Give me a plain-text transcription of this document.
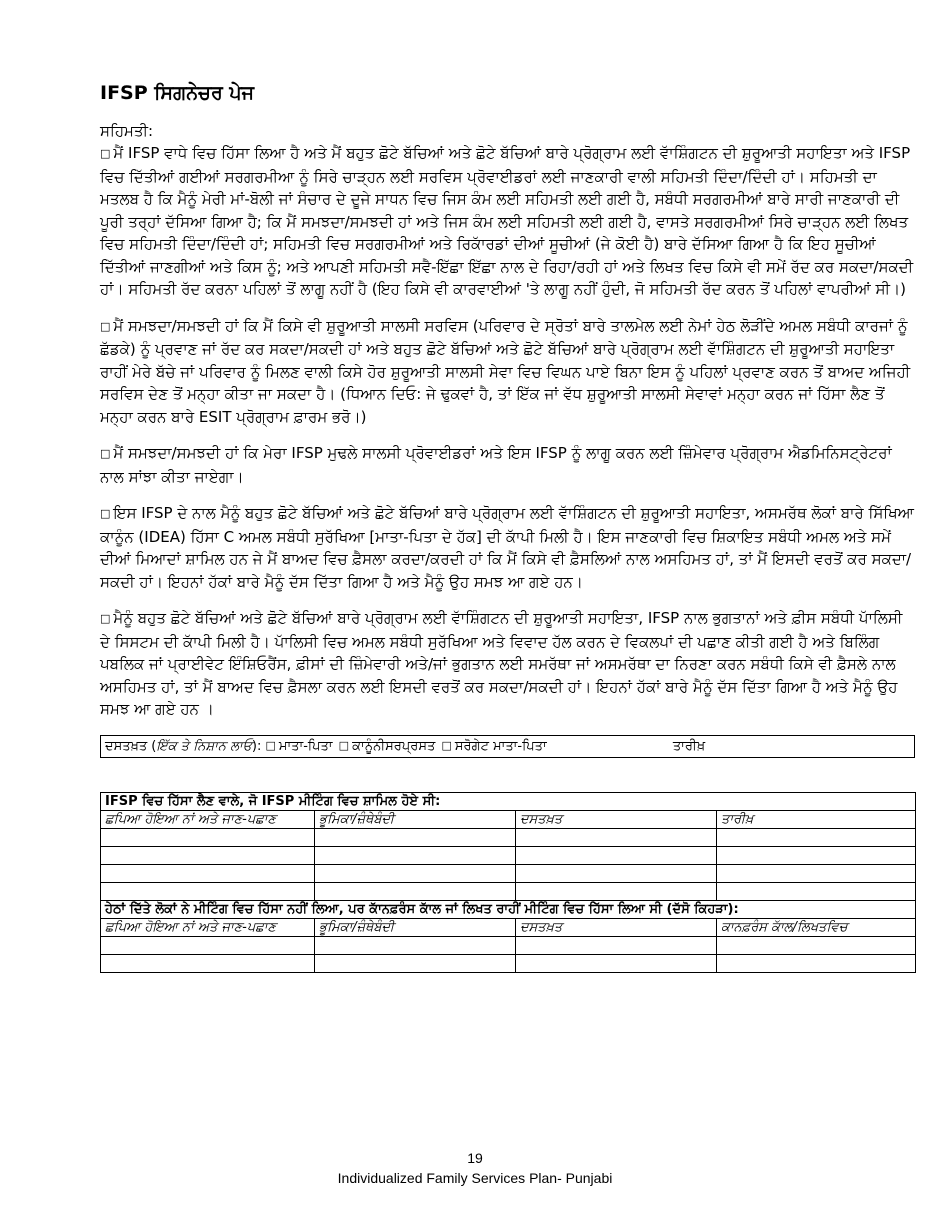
IFSP ਸਿਗਨੇਚਰ ਪੇਜ
ਸਹਿਮਤੀ:

□ ਮੈਂ IFSP ਵਾਧੇ ਵਿਚ ਹਿੱਸਾ ਲਿਆ ਹੈ ਅਤੇ ਮੈਂ ਬਹੁਤ ਛੋਟੇ ਬੱਚਿਆਂ ਅਤੇ ਛੋਟੇ ਬੱਚਿਆਂ ਬਾਰੇ ਪ੍ਰੋਗ੍ਰਾਮ ਲਈ ਵਾੱਸ਼ਿੰਗਟਨ ਦੀ ਸ਼ੁਰੂਆਤੀ ਸਹਾਇਤਾ ਅਤੇ IFSP ਵਿਚ ਦਿੱਤੀਆਂ ਗਈਆਂ ਸਰਗਰਮੀਆ ਨੂੰ ਸਿਰੇ ਚਾੜ੍ਹਨ ਲਈ ਸਰਵਿਸ ਪ੍ਰੋਵਾਈਡਰਾਂ ਲਈ ਜਾਣਕਾਰੀ ਵਾਲੀ ਸਹਿਮਤੀ ਦਿੰਦਾ/ਦਿੰਦੀ ਹਾਂ। ਸਹਿਮਤੀ ਦਾ ਮਤਲਬ ਹੈ ਕਿ ਮੈਨੂੰ ਮੇਰੀ ਮਾਂ-ਬੋਲੀ ਜਾਂ ਸੰਚਾਰ ਦੇ ਦੂਜੇ ਸਾਧਨ ਵਿਚ ਜਿਸ ਕੰਮ ਲਈ ਸਹਿਮਤੀ ਲਈ ਗਈ ਹੈ, ਸਬੰਧੀ ਸਰਗਰਮੀਆਂ ਬਾਰੇ ਸਾਰੀ ਜਾਣਕਾਰੀ ਦੀ ਪੂਰੀ ਤਰ੍ਹਾਂ ਦੱਸਿਆ ਗਿਆ ਹੈ; ਕਿ ਮੈਂ ਸਮਝਦਾ/ਸਮਝਦੀ ਹਾਂ ਅਤੇ ਜਿਸ ਕੰਮ ਲਈ ਸਹਿਮਤੀ ਲਈ ਗਈ ਹੈ, ਵਾਸਤੇ ਸਰਗਰਮੀਆਂ ਸਿਰੇ ਚਾੜ੍ਹਨ ਲਈ ਲਿਖਤ ਵਿਚ ਸਹਿਮਤੀ ਦਿੰਦਾ/ਦਿੰਦੀ ਹਾਂ; ਸਹਿਮਤੀ ਵਿਚ ਸਰਗਰਮੀਆਂ ਅਤੇ ਰਿਕਾੱਰਡਾਂ ਦੀਆਂ ਸੂਚੀਆਂ (ਜੇ ਕੋਈ ਹੈ) ਬਾਰੇ ਦੱਸਿਆ ਗਿਆ ਹੈ ਕਿ ਇਹ ਸੂਚੀਆਂ ਦਿੱਤੀਆਂ ਜਾਣਗੀਆਂ ਅਤੇ ਕਿਸ ਨੂੰ; ਅਤੇ ਆਪਣੀ ਸਹਿਮਤੀ ਸਵੈ-ਇੱਛਾ ਇੱਛਾ ਨਾਲ ਦੇ ਰਿਹਾ/ਰਹੀ ਹਾਂ ਅਤੇ ਲਿਖਤ ਵਿਚ ਕਿਸੇ ਵੀ ਸਮੇਂ ਰੱਦ ਕਰ ਸਕਦਾ/ਸਕਦੀ ਹਾਂ। ਸਹਿਮਤੀ ਰੱਦ ਕਰਨਾ ਪਹਿਲਾਂ ਤੋਂ ਲਾਗੂ ਨਹੀਂ ਹੈ (ਇਹ ਕਿਸੇ ਵੀ ਕਾਰਵਾਈਆਂ 'ਤੇ ਲਾਗੂ ਨਹੀਂ ਹੁੰਦੀ, ਜੋ ਸਹਿਮਤੀ ਰੱਦ ਕਰਨ ਤੋਂ ਪਹਿਲਾਂ ਵਾਪਰੀਆਂ ਸੀ।)

□ ਮੈਂ ਸਮਝਦਾ/ਸਮਝਦੀ ਹਾਂ ਕਿ ਮੈਂ ਕਿਸੇ ਵੀ ਸ਼ੁਰੂਆਤੀ ਸਾਲਸੀ ਸਰਵਿਸ (ਪਰਿਵਾਰ ਦੇ ਸ੍ਰੋਤਾਂ ਬਾਰੇ ਤਾਲਮੇਲ ਲਈ ਨੇਮਾਂ ਹੇਠ ਲੋੜੀਂਦੇ ਅਮਲ ਸਬੰਧੀ ਕਾਰਜਾਂ ਨੂੰ ਛੱਡਕੇ) ਨੂੰ ਪ੍ਰਵਾਣ ਜਾਂ ਰੱਦ ਕਰ ਸਕਦਾ/ਸਕਦੀ ਹਾਂ ਅਤੇ ਬਹੁਤ ਛੋਟੇ ਬੱਚਿਆਂ ਅਤੇ ਛੋਟੇ ਬੱਚਿਆਂ ਬਾਰੇ ਪ੍ਰੋਗ੍ਰਾਮ ਲਈ ਵਾੱਸ਼ਿੰਗਟਨ ਦੀ ਸ਼ੁਰੂਆਤੀ ਸਹਾਇਤਾ ਰਾਹੀਂ ਮੇਰੇ ਬੱਚੇ ਜਾਂ ਪਰਿਵਾਰ ਨੂੰ ਮਿਲਣ ਵਾਲੀ ਕਿਸੇ ਹੋਰ ਸ਼ੁਰੂਆਤੀ ਸਾਲਸੀ ਸੇਵਾ ਵਿਚ ਵਿਘਨ ਪਾਏ ਬਿਨਾ ਇਸ ਨੂੰ ਪਹਿਲਾਂ ਪ੍ਰਵਾਣ ਕਰਨ ਤੋਂ ਬਾਅਦ ਅਜਿਹੀ ਸਰਵਿਸ ਦੇਣ ਤੋਂ ਮਨ੍ਹਾ ਕੀਤਾ ਜਾ ਸਕਦਾ ਹੈ। (ਧਿਆਨ ਦਿਓ: ਜੇ ਢੁਕਵਾਂ ਹੈ, ਤਾਂ ਇੱਕ ਜਾਂ ਵੱਧ ਸ਼ੁਰੂਆਤੀ ਸਾਲਸੀ ਸੇਵਾਵਾਂ ਮਨ੍ਹਾ ਕਰਨ ਜਾਂ ਹਿੱਸਾ ਲੈਣ ਤੋਂ ਮਨ੍ਹਾ ਕਰਨ ਬਾਰੇ ESIT ਪ੍ਰੋਗ੍ਰਾਮ ਫ਼ਾਰਮ ਭਰੋ।)

□ ਮੈਂ ਸਮਝਦਾ/ਸਮਝਦੀ ਹਾਂ ਕਿ ਮੇਰਾ IFSP ਮੁਢਲੇ ਸਾਲਸੀ ਪ੍ਰੋਵਾਈਡਰਾਂ ਅਤੇ ਇਸ IFSP ਨੂੰ ਲਾਗੂ ਕਰਨ ਲਈ ਜ਼ਿੰਮੇਵਾਰ ਪ੍ਰੋਗ੍ਰਾਮ ਐਡਮਿਨਿਸਟ੍ਰੇਟਰਾਂ ਨਾਲ ਸਾਂਝਾ ਕੀਤਾ ਜਾਏਗਾ।

□ ਇਸ IFSP ਦੇ ਨਾਲ ਮੈਨੂੰ ਬਹੁਤ ਛੋਟੇ ਬੱਚਿਆਂ ਅਤੇ ਛੋਟੇ ਬੱਚਿਆਂ ਬਾਰੇ ਪ੍ਰੋਗ੍ਰਾਮ ਲਈ ਵਾੱਸ਼ਿੰਗਟਨ ਦੀ ਸ਼ੁਰੂਆਤੀ ਸਹਾਇਤਾ, ਅਸਮਰੱਥ ਲੋਕਾਂ ਬਾਰੇ ਸਿੱਖਿਆ ਕਾਨੂੰਨ (IDEA) ਹਿੱਸਾ C ਅਮਲ ਸਬੰਧੀ ਸੁਰੱਖਿਆ [ਮਾਤਾ-ਪਿਤਾ ਦੇ ਹੱਕ] ਦੀ ਕਾੱਪੀ ਮਿਲੀ ਹੈ। ਇਸ ਜਾਣਕਾਰੀ ਵਿਚ ਸ਼ਿਕਾਇਤ ਸਬੰਧੀ ਅਮਲ ਅਤੇ ਸਮੇਂ ਦੀਆਂ ਮਿਆਦਾਂ ਸ਼ਾਮਿਲ ਹਨ ਜੇ ਮੈਂ ਬਾਅਦ ਵਿਚ ਫ਼ੈਸਲਾ ਕਰਦਾ/ਕਰਦੀ ਹਾਂ ਕਿ ਮੈਂ ਕਿਸੇ ਵੀ ਫ਼ੈਸਲਿਆਂ ਨਾਲ ਅਸਹਿਮਤ ਹਾਂ, ਤਾਂ ਮੈਂ ਇਸਦੀ ਵਰਤੋਂ ਕਰ ਸਕਦਾ/ਸਕਦੀ ਹਾਂ। ਇਹਨਾਂ ਹੱਕਾਂ ਬਾਰੇ ਮੈਨੂੰ ਦੱਸ ਦਿੱਤਾ ਗਿਆ ਹੈ ਅਤੇ ਮੈਨੂੰ ਉਹ ਸਮਝ ਆ ਗਏ ਹਨ।

□ ਮੈਨੂੰ ਬਹੁਤ ਛੋਟੇ ਬੱਚਿਆਂ ਅਤੇ ਛੋਟੇ ਬੱਚਿਆਂ ਬਾਰੇ ਪ੍ਰੋਗ੍ਰਾਮ ਲਈ ਵਾੱਸ਼ਿੰਗਟਨ ਦੀ ਸ਼ੁਰੂਆਤੀ ਸਹਾਇਤਾ, IFSP ਨਾਲ ਭੁਗਤਾਨਾਂ ਅਤੇ ਫ਼ੀਸ ਸਬੰਧੀ ਪਾੱਲਿਸੀ ਦੇ ਸਿਸਟਮ ਦੀ ਕਾੱਪੀ ਮਿਲੀ ਹੈ। ਪਾੱਲਿਸੀ ਵਿਚ ਅਮਲ ਸਬੰਧੀ ਸੁਰੱਖਿਆ ਅਤੇ ਵਿਵਾਦ ਹੱਲ ਕਰਨ ਦੇ ਵਿਕਲਪਾਂ ਦੀ ਪਛਾਣ ਕੀਤੀ ਗਈ ਹੈ ਅਤੇ ਬਿਲਿੰਗ ਪਬਲਿਕ ਜਾਂ ਪ੍ਰਾਈਵੇਟ ਇੰਸ਼ਿਓਰੈਂਸ, ਫ਼ੀਸਾਂ ਦੀ ਜ਼ਿੰਮੇਵਾਰੀ ਅਤੇ/ਜਾਂ ਭੁਗਤਾਨ ਲਈ ਸਮਰੱਥਾ ਜਾਂ ਅਸਮਰੱਥਾ ਦਾ ਨਿਰਣਾ ਕਰਨ ਸਬੰਧੀ ਕਿਸੇ ਵੀ ਫ਼ੈਸਲੇ ਨਾਲ ਅਸਹਿਮਤ ਹਾਂ, ਤਾਂ ਮੈਂ ਬਾਅਦ ਵਿਚ ਫ਼ੈਸਲਾ ਕਰਨ ਲਈ ਇਸਦੀ ਵਰਤੋਂ ਕਰ ਸਕਦਾ/ਸਕਦੀ ਹਾਂ। ਇਹਨਾਂ ਹੱਕਾਂ ਬਾਰੇ ਮੈਨੂੰ ਦੱਸ ਦਿੱਤਾ ਗਿਆ ਹੈ ਅਤੇ ਮੈਨੂੰ ਉਹ ਸਮਝ ਆ ਗਏ ਹਨ ।

ਦਸਤਖ਼ਤ (ਇੱਕ ਤੇ ਨਿਸ਼ਾਨ ਲਾਓ): □ ਮਾਤਾ-ਪਿਤਾ □ ਕਾਨੂੰਨੀਸਰਪ੍ਰਸਤ □ ਸਰੋਗੇਟ ਮਾਤਾ-ਪਿਤਾ	ਤਾਰੀਖ਼
IFSP ਵਿਚ ਹਿੱਸਾ ਲੈਣ ਵਾਲੇ, ਜੋ IFSP ਮੀਟਿੰਗ ਵਿਚ ਸ਼ਾਮਿਲ ਹੋਏ ਸੀ:			
ਛਪਿਆ ਹੋਇਆ ਨਾਂ ਅਤੇ ਜਾਣ-ਪਛਾਣ	ਭੂਮਿਕਾ/ਜ਼ੰਥੇਬੰਦੀ	ਦਸਤਖ਼ਤ	ਤਾਰੀਖ਼

ਹੇਠਾਂ ਦਿੱਤੇ ਲੋਕਾਂ ਨੇ ਮੀਟਿੰਗ ਵਿਚ ਹਿੱਸਾ ਨਹੀਂ ਲਿਆ, ਪਰ ਕਾੱਨਫ਼ਰੰਸ ਕਾੱਲ ਜਾਂ ਲਿਖਤ ਰਾਹੀਂ ਮੀਟਿੰਗ ਵਿਚ ਹਿੱਸਾ ਲਿਆ ਸੀ (ਦੱਸੋ ਕਿਹੜਾ):			
ਛਪਿਆ ਹੋਇਆ ਨਾਂ ਅਤੇ ਜਾਣ-ਪਛਾਣ	ਭੂਮਿਕਾ/ਜ਼ੰਥੇਬੰਦੀ	ਦਸਤਖ਼ਤ	ਕਾਨਫ਼ਰੰਸ ਕਾੱਲ/ਲਿਖਤਵਿਚ

19
Individualized Family Services Plan- Punjabi
